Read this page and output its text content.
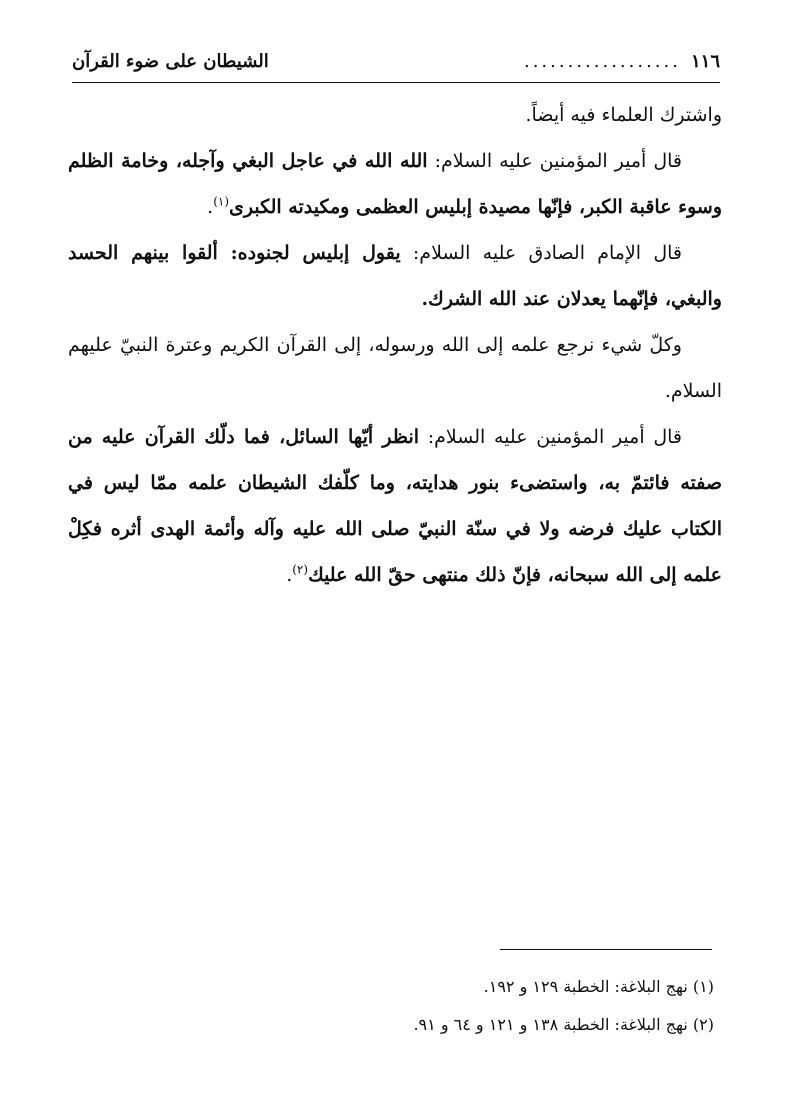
١١٦
..................
الشيطان على ضوء القرآن

واشترك العلماء فيه أيضاً.

قال أمير المؤمنين عليه السلام: الله الله في عاجل البغي وآجله، وخامة الظلم وسوء عاقبة الكبر، فإنّها مصيدة إبليس العظمى ومكيدته الكبرى$^{(١)}$.

قال الإمام الصادق عليه السلام: يقول إبليس لجنوده: ألقوا بينهم الحسد والبغي، فإنّهما يعدلان عند الله الشرك.

وكلّ شيء نرجع علمه إلى الله ورسوله، إلى القرآن الكريم وعترة النبيّ عليهم السلام.

قال أمير المؤمنين عليه السلام: انظر أيّها السائل، فما دلّك القرآن عليه من صفته فائتمّ به، واستضىء بنور هدايته، وما كلّفك الشيطان علمه ممّا ليس في الكتاب عليك فرضه ولا في سنّة النبيّ صلى الله عليه وآله وأئمة الهدى أثره فكِلْ علمه إلى الله سبحانه، فإنّ ذلك منتهى حقّ الله عليك$^{(٢)}$.

(١) نهج البلاغة: الخطبة ١٢٩ و ١٩٢.

(٢) نهج البلاغة: الخطبة ١٣٨ و ١٢١ و ٦٤ و ٩١.
